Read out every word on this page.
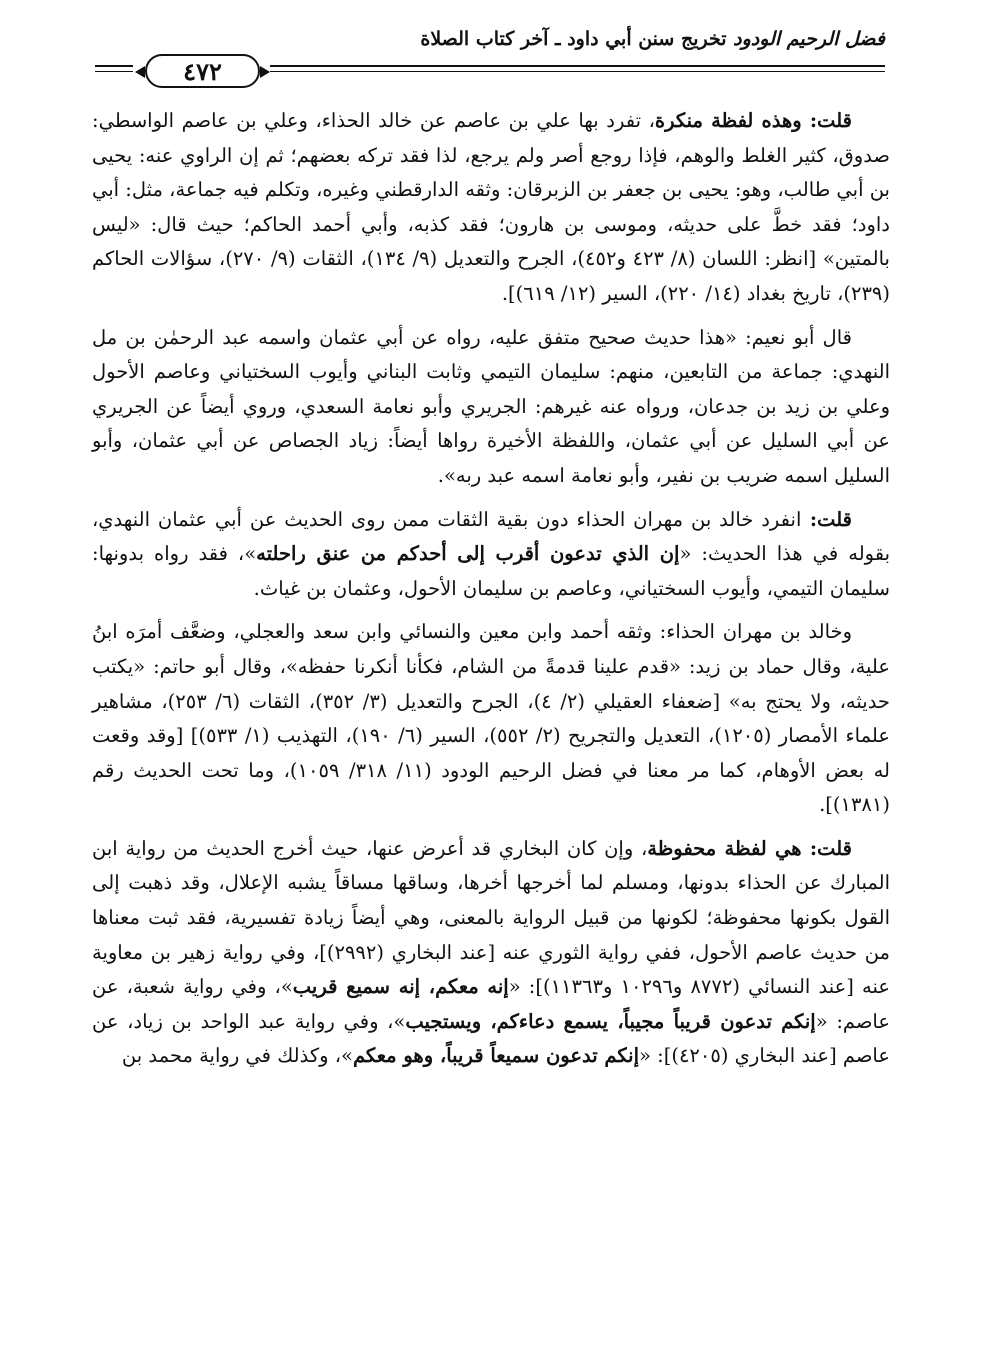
فضل الرحيم الودود تخريج سنن أبي داود ـ آخر كتاب الصلاة
٤٧٢

قلت: وهذه لفظة منكرة، تفرد بها علي بن عاصم عن خالد الحذاء، وعلي بن عاصم الواسطي: صدوق، كثير الغلط والوهم، فإذا روجع أصر ولم يرجع، لذا فقد تركه بعضهم؛ ثم إن الراوي عنه: يحيى بن أبي طالب، وهو: يحيى بن جعفر بن الزبرقان: وثقه الدارقطني وغيره، وتكلم فيه جماعة، مثل: أبي داود؛ فقد خطَّ على حديثه، وموسى بن هارون؛ فقد كذبه، وأبي أحمد الحاكم؛ حيث قال: «ليس بالمتين» [انظر: اللسان (٨/ ٤٢٣ و٤٥٢)، الجرح والتعديل (٩/ ١٣٤)، الثقات (٩/ ٢٧٠)، سؤالات الحاكم (٢٣٩)، تاريخ بغداد (١٤/ ٢٢٠)، السير (١٢/ ٦١٩)].

قال أبو نعيم: «هذا حديث صحيح متفق عليه، رواه عن أبي عثمان واسمه عبد الرحمٰن بن مل النهدي: جماعة من التابعين، منهم: سليمان التيمي وثابت البناني وأيوب السختياني وعاصم الأحول وعلي بن زيد بن جدعان، ورواه عنه غيرهم: الجريري وأبو نعامة السعدي، وروي أيضاً عن الجريري عن أبي السليل عن أبي عثمان، واللفظة الأخيرة رواها أيضاً: زياد الجصاص عن أبي عثمان، وأبو السليل اسمه ضريب بن نفير، وأبو نعامة اسمه عبد ربه».

قلت: انفرد خالد بن مهران الحذاء دون بقية الثقات ممن روى الحديث عن أبي عثمان النهدي، بقوله في هذا الحديث: «إن الذي تدعون أقرب إلى أحدكم من عنق راحلته»، فقد رواه بدونها: سليمان التيمي، وأيوب السختياني، وعاصم بن سليمان الأحول، وعثمان بن غياث.

وخالد بن مهران الحذاء: وثقه أحمد وابن معين والنسائي وابن سعد والعجلي، وضعَّف أمرَه ابنُ علية، وقال حماد بن زيد: «قدم علينا قدمةً من الشام، فكأنا أنكرنا حفظه»، وقال أبو حاتم: «يكتب حديثه، ولا يحتج به» [ضعفاء العقيلي (٢/ ٤)، الجرح والتعديل (٣/ ٣٥٢)، الثقات (٦/ ٢٥٣)، مشاهير علماء الأمصار (١٢٠٥)، التعديل والتجريح (٢/ ٥٥٢)، السير (٦/ ١٩٠)، التهذيب (١/ ٥٣٣)] [وقد وقعت له بعض الأوهام، كما مر معنا في فضل الرحيم الودود (١١/ ٣١٨/ ١٠٥٩)، وما تحت الحديث رقم (١٣٨١)].

قلت: هي لفظة محفوظة، وإن كان البخاري قد أعرض عنها، حيث أخرج الحديث من رواية ابن المبارك عن الحذاء بدونها، ومسلم لما أخرجها أخرها، وساقها مساقاً يشبه الإعلال، وقد ذهبت إلى القول بكونها محفوظة؛ لكونها من قبيل الرواية بالمعنى، وهي أيضاً زيادة تفسيرية، فقد ثبت معناها من حديث عاصم الأحول، ففي رواية الثوري عنه [عند البخاري (٢٩٩٢)]، وفي رواية زهير بن معاوية عنه [عند النسائي (٨٧٧٢ و١٠٢٩٦ و١١٣٦٣)]: «إنه معكم، إنه سميع قريب»، وفي رواية شعبة، عن عاصم: «إنكم تدعون قريباً مجيباً، يسمع دعاءكم، ويستجيب»، وفي رواية عبد الواحد بن زياد، عن عاصم [عند البخاري (٤٢٠٥)]: «إنكم تدعون سميعاً قريباً، وهو معكم»، وكذلك في رواية محمد بن
